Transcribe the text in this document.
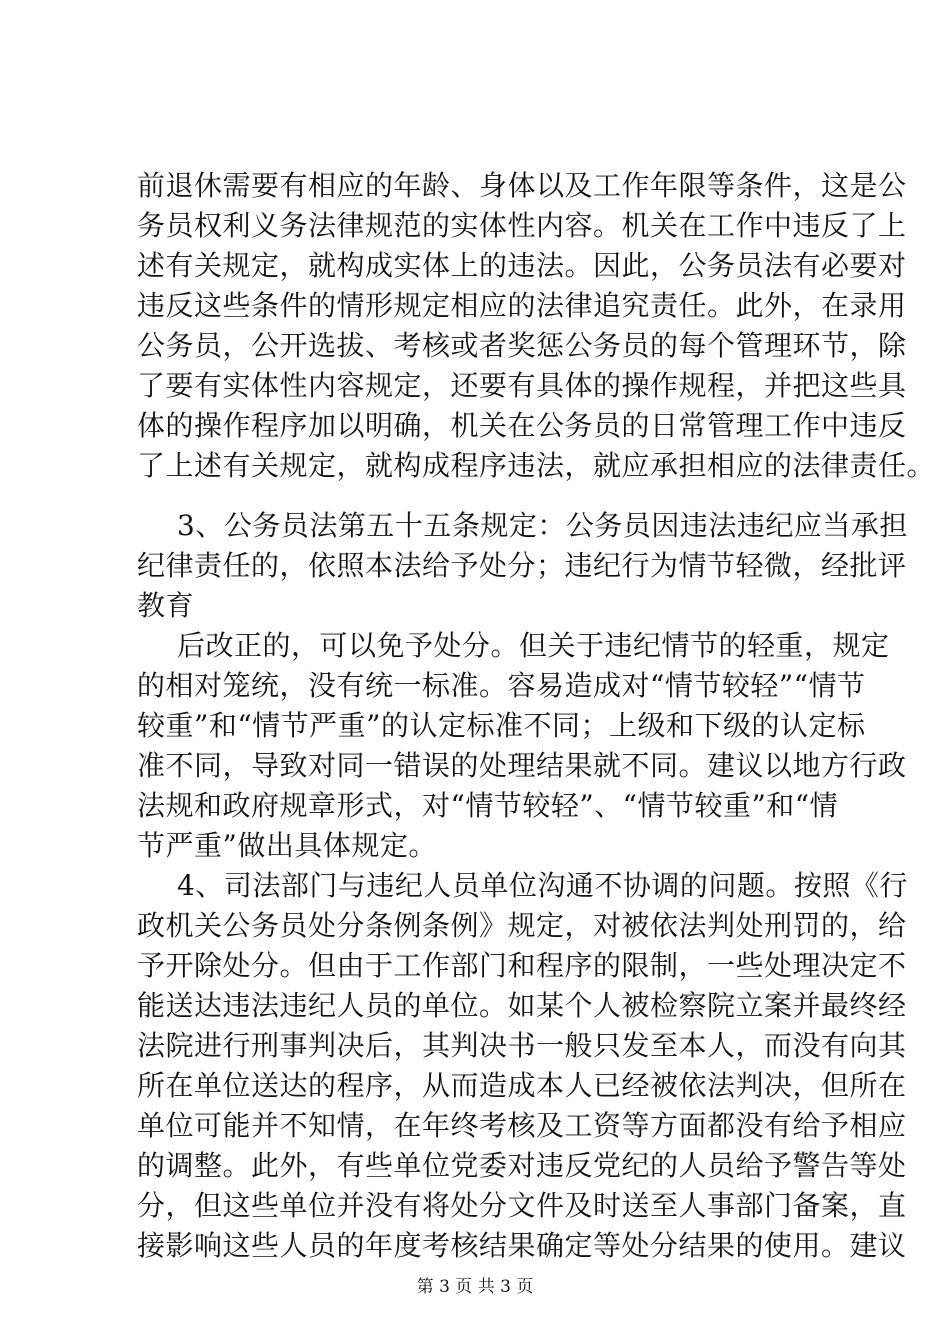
前退休需要有相应的年龄、身体以及工作年限等条件，这是公
务员权利义务法律规范的实体性内容。机关在工作中违反了上
述有关规定，就构成实体上的违法。因此，公务员法有必要对
违反这些条件的情形规定相应的法律追究责任。此外，在录用
公务员，公开选拔、考核或者奖惩公务员的每个管理环节，除
了要有实体性内容规定，还要有具体的操作规程，并把这些具
体的操作程序加以明确，机关在公务员的日常管理工作中违反
了上述有关规定，就构成程序违法，就应承担相应的法律责任。
3、公务员法第五十五条规定：公务员因违法违纪应当承担
纪律责任的，依照本法给予处分；违纪行为情节轻微，经批评
教育
后改正的，可以免予处分。但关于违纪情节的轻重，规定
的相对笼统，没有统一标准。容易造成对“情节较轻”“情节
较重”和“情节严重”的认定标准不同；上级和下级的认定标
准不同，导致对同一错误的处理结果就不同。建议以地方行政
法规和政府规章形式，对“情节较轻”、“情节较重”和“情
节严重”做出具体规定。
4、司法部门与违纪人员单位沟通不协调的问题。按照《行
政机关公务员处分条例条例》规定，对被依法判处刑罚的，给
予开除处分。但由于工作部门和程序的限制，一些处理决定不
能送达违法违纪人员的单位。如某个人被检察院立案并最终经
法院进行刑事判决后，其判决书一般只发至本人，而没有向其
所在单位送达的程序，从而造成本人已经被依法判决，但所在
单位可能并不知情，在年终考核及工资等方面都没有给予相应
的调整。此外，有些单位党委对违反党纪的人员给予警告等处
分，但这些单位并没有将处分文件及时送至人事部门备案，直
接影响这些人员的年度考核结果确定等处分结果的使用。建议
第 3 页 共 3 页
